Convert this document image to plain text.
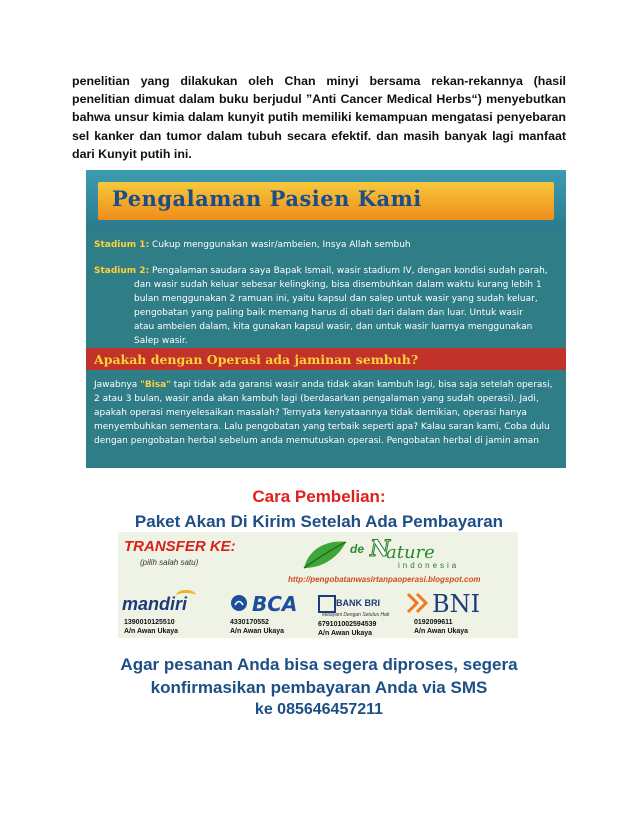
penelitian yang dilakukan oleh Chan minyi bersama rekan-rekannya (hasil penelitian dimuat dalam buku berjudul ”Anti Cancer Medical Herbs“) menyebutkan bahwa unsur kimia dalam kunyit putih memiliki kemampuan mengatasi penyebaran sel kanker dan tumor dalam tubuh secara efektif. dan masih banyak lagi manfaat dari Kunyit putih ini.
Pengalaman Pasien Kami
Stadium 1: Cukup menggunakan wasir/ambeien, Insya Allah sembuh
Stadium 2: Pengalaman saudara saya Bapak Ismail, wasir stadium IV, dengan kondisi sudah parah,
dan wasir sudah keluar sebesar kelingking, bisa disembuhkan dalam waktu kurang lebih 1
bulan menggunakan 2 ramuan ini, yaitu kapsul dan salep untuk wasir yang sudah keluar,
pengobatan yang paling baik memang harus di obati dari dalam dan luar. Untuk wasir
atau ambeien dalam, kita gunakan kapsul wasir, dan untuk wasir luarnya menggunakan
Salep wasir.
Apakah dengan Operasi ada jaminan sembuh?
Jawabnya "Bisa" tapi tidak ada garansi wasir anda tidak akan kambuh lagi, bisa saja setelah operasi,
2 atau 3 bulan, wasir anda akan kambuh lagi (berdasarkan pengalaman yang sudah operasi). Jadi,
apakah operasi menyelesaikan masalah? Ternyata kenyataannya tidak demikian, operasi hanya
menyembuhkan sementara. Lalu pengobatan yang terbaik seperti apa? Kalau saran kami, Coba dulu
dengan pengobatan herbal sebelum anda memutuskan operasi. Pengobatan herbal di jamin aman
Cara Pembelian:
Paket Akan Di Kirim Setelah Ada Pembayaran
TRANSFER KE:
(pilih salah satu)
de N
ature
indonesia
http://pengobatanwasirtanpaoperasi.blogspot.com
mandiri
1390010125510
A/n Awan Ukaya
BCA
4330170552
A/n Awan Ukaya
BANK BRI
Melayani Dengan Setulus Hati
679101002594539
A/n Awan Ukaya
BNI
0192099611
A/n Awan Ukaya
Agar pesanan Anda bisa segera diproses, segera
konfirmasikan pembayaran Anda via SMS
ke 085646457211
